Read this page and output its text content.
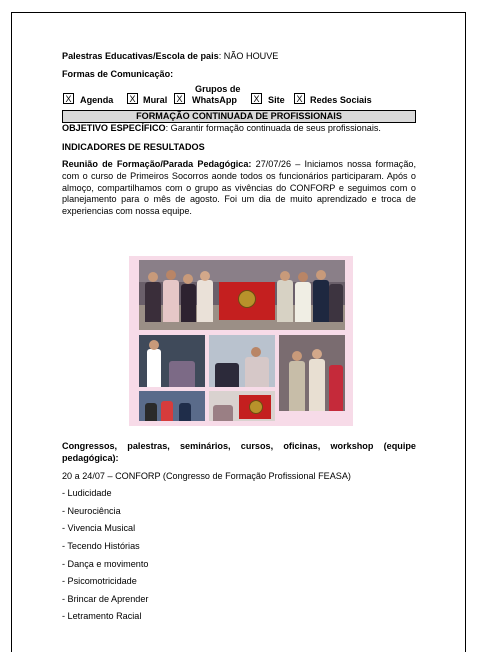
Palestras Educativas/Escola de pais: NÃO HOUVE

Formas de Comunicação:

X Agenda X Mural X
Grupos de
WhatsApp X Site X Redes Sociais
FORMAÇÃO CONTINUADA DE PROFISSIONAIS

OBJETIVO ESPECÍFICO: Garantir formação continuada de seus profissionais.

INDICADORES DE RESULTADOS

Reunião de Formação/Parada Pedagógica: 27/07/26 – Iniciamos nossa formação, com o curso de Primeiros Socorros aonde todos os funcionários participaram. Após o almoço, compartilhamos com o grupo as vivências do CONFORP e seguimos com o planejamento para o mês de agosto. Foi um dia de muito aprendizado e troca de experiencias com nossa equipe.

Congressos, palestras, seminários, cursos, oficinas, workshop (equipe pedagógica):

20 a 24/07 – CONFORP (Congresso de Formação Profissional FEASA)

- Ludicidade

- Neurociência

- Vivencia Musical

- Tecendo Histórias

- Dança e movimento

- Psicomotricidade

- Brincar de Aprender

- Letramento Racial
